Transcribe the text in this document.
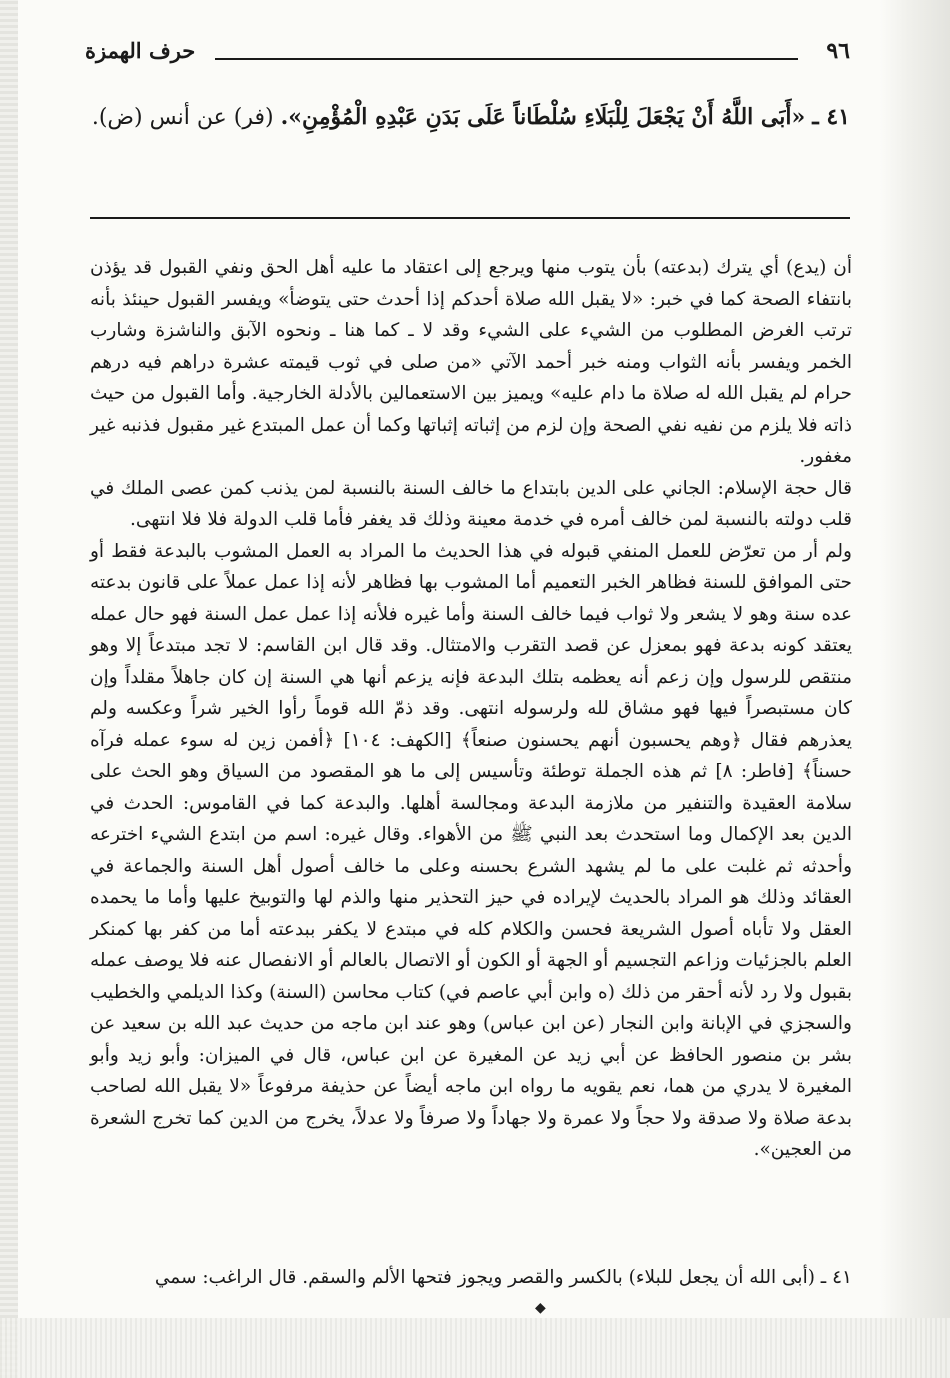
٩٦
حرف الهمزة
٤١ ـ «أَبَى اللَّهُ أَنْ يَجْعَلَ لِلْبَلَاءِ سُلْطَاناً عَلَى بَدَنِ عَبْدِهِ الْمُؤْمِنِ». (فر) عن أنس (ض).

أن (يدع) أي يترك (بدعته) بأن يتوب منها ويرجع إلى اعتقاد ما عليه أهل الحق ونفي القبول قد يؤذن بانتفاء الصحة كما في خبر: «لا يقبل الله صلاة أحدكم إذا أحدث حتى يتوضأ» ويفسر القبول حينئذ بأنه ترتب الغرض المطلوب من الشيء على الشيء وقد لا ـ كما هنا ـ ونحوه الآبق والناشزة وشارب الخمر ويفسر بأنه الثواب ومنه خبر أحمد الآتي «من صلى في ثوب قيمته عشرة دراهم فيه درهم حرام لم يقبل الله له صلاة ما دام عليه» ويميز بين الاستعمالين بالأدلة الخارجية. وأما القبول من حيث ذاته فلا يلزم من نفيه نفي الصحة وإن لزم من إثباته إثباتها وكما أن عمل المبتدع غير مقبول فذنبه غير مغفور.

قال حجة الإسلام: الجاني على الدين بابتداع ما خالف السنة بالنسبة لمن يذنب كمن عصى الملك في قلب دولته بالنسبة لمن خالف أمره في خدمة معينة وذلك قد يغفر فأما قلب الدولة فلا فلا انتهى.

ولم أر من تعرّض للعمل المنفي قبوله في هذا الحديث ما المراد به العمل المشوب بالبدعة فقط أو حتى الموافق للسنة فظاهر الخبر التعميم أما المشوب بها فظاهر لأنه إذا عمل عملاً على قانون بدعته عده سنة وهو لا يشعر ولا ثواب فيما خالف السنة وأما غيره فلأنه إذا عمل عمل السنة فهو حال عمله يعتقد كونه بدعة فهو بمعزل عن قصد التقرب والامتثال. وقد قال ابن القاسم: لا تجد مبتدعاً إلا وهو منتقص للرسول وإن زعم أنه يعظمه بتلك البدعة فإنه يزعم أنها هي السنة إن كان جاهلاً مقلداً وإن كان مستبصراً فيها فهو مشاق لله ولرسوله انتهى. وقد ذمّ الله قوماً رأوا الخير شراً وعكسه ولم يعذرهم فقال ﴿وهم يحسبون أنهم يحسنون صنعاً﴾ [الكهف: ١٠٤] ﴿أفمن زين له سوء عمله فرآه حسناً﴾ [فاطر: ٨] ثم هذه الجملة توطئة وتأسيس إلى ما هو المقصود من السياق وهو الحث على سلامة العقيدة والتنفير من ملازمة البدعة ومجالسة أهلها. والبدعة كما في القاموس: الحدث في الدين بعد الإكمال وما استحدث بعد النبي ﷺ من الأهواء. وقال غيره: اسم من ابتدع الشيء اخترعه وأحدثه ثم غلبت على ما لم يشهد الشرع بحسنه وعلى ما خالف أصول أهل السنة والجماعة في العقائد وذلك هو المراد بالحديث لإيراده في حيز التحذير منها والذم لها والتوبيخ عليها وأما ما يحمده العقل ولا تأباه أصول الشريعة فحسن والكلام كله في مبتدع لا يكفر ببدعته أما من كفر بها كمنكر العلم بالجزئيات وزاعم التجسيم أو الجهة أو الكون أو الاتصال بالعالم أو الانفصال عنه فلا يوصف عمله بقبول ولا رد لأنه أحقر من ذلك (ه وابن أبي عاصم في) كتاب محاسن (السنة) وكذا الديلمي والخطيب والسجزي في الإبانة وابن النجار (عن ابن عباس) وهو عند ابن ماجه من حديث عبد الله بن سعيد عن بشر بن منصور الحافظ عن أبي زيد عن المغيرة عن ابن عباس، قال في الميزان: وأبو زيد وأبو المغيرة لا يدري من هما، نعم يقويه ما رواه ابن ماجه أيضاً عن حذيفة مرفوعاً «لا يقبل الله لصاحب بدعة صلاة ولا صدقة ولا حجاً ولا عمرة ولا جهاداً ولا صرفاً ولا عدلاً، يخرج من الدين كما تخرج الشعرة من العجين».

٤١ ـ (أبى الله أن يجعل للبلاء) بالكسر والقصر ويجوز فتحها الألم والسقم. قال الراغب: سمي
◆
